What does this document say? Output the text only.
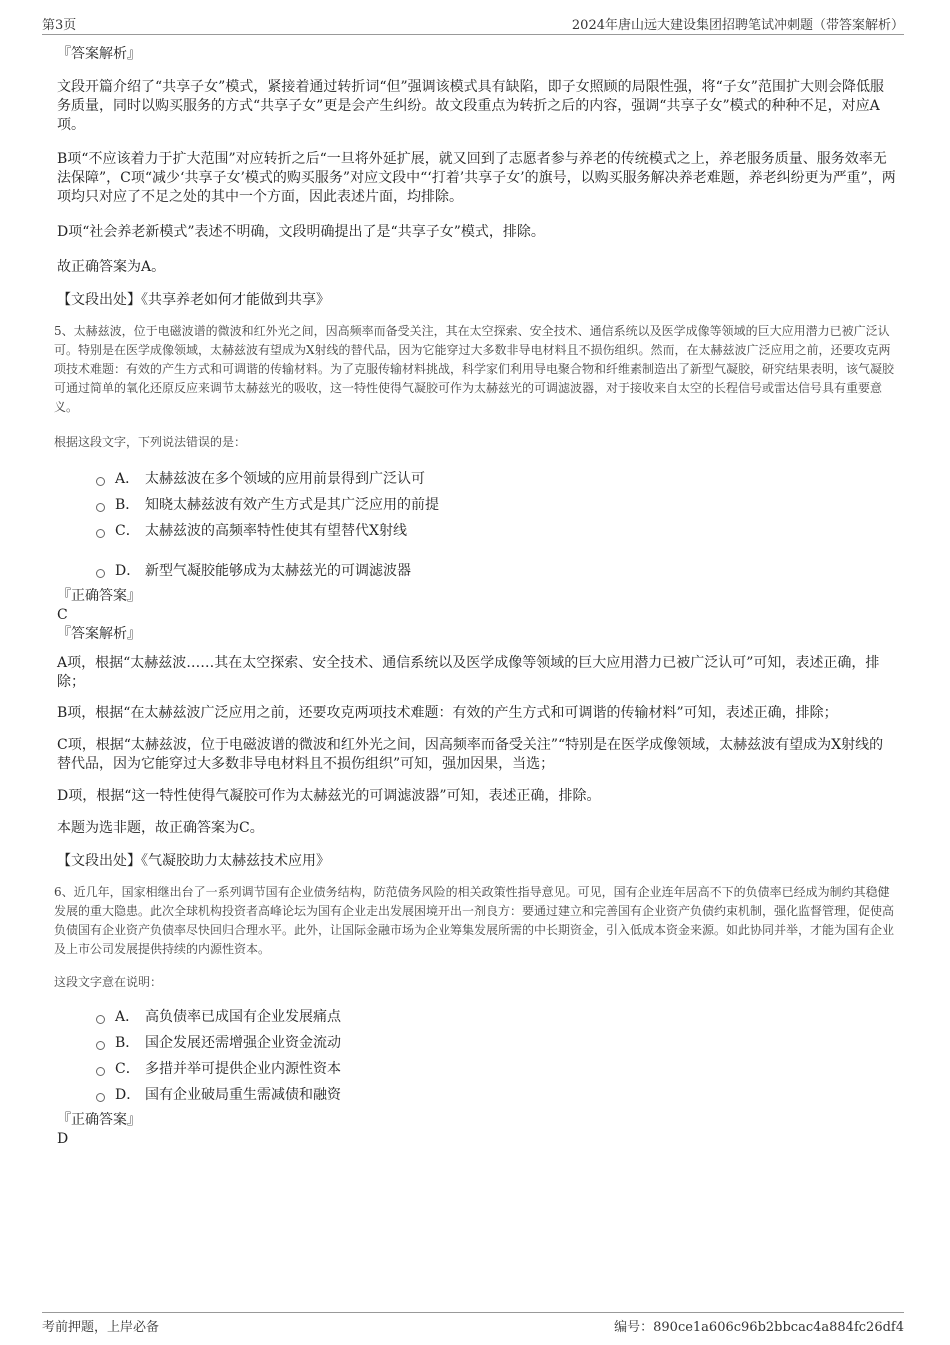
第3页	2024年唐山远大建设集团招聘笔试冲刺题（带答案解析）

『答案解析』

文段开篇介绍了“共享子女”模式，紧接着通过转折词“但”强调该模式具有缺陷，即子女照顾的局限性强，将“子女”范围扩大则会降低服务质量，同时以购买服务的方式“共享子女”更是会产生纠纷。故文段重点为转折之后的内容，强调“共享子女”模式的种种不足，对应A项。

B项“不应该着力于扩大范围”对应转折之后“一旦将外延扩展，就又回到了志愿者参与养老的传统模式之上，养老服务质量、服务效率无法保障”，C项“减少‘共享子女’模式的购买服务”对应文段中“‘打着’共享子女’的旗号，以购买服务解决养老难题，养老纠纷更为严重”，两项均只对应了不足之处的其中一个方面，因此表述片面，均排除。

D项“社会养老新模式”表述不明确，文段明确提出了是“共享子女”模式，排除。

故正确答案为A。

【文段出处】《共享养老如何才能做到共享》

5、太赫兹波，位于电磁波谱的微波和红外光之间，因高频率而备受关注，其在太空探索、安全技术、通信系统以及医学成像等领域的巨大应用潜力已被广泛认可。特别是在医学成像领域，太赫兹波有望成为X射线的替代品，因为它能穿过大多数非导电材料且不损伤组织。然而，在太赫兹波广泛应用之前，还要攻克两项技术难题：有效的产生方式和可调谐的传输材料。为了克服传输材料挑战，科学家们利用导电聚合物和纤维素制造出了新型气凝胶，研究结果表明，该气凝胶可通过简单的氧化还原反应来调节太赫兹光的吸收，这一特性使得气凝胶可作为太赫兹光的可调滤波器，对于接收来自太空的长程信号或雷达信号具有重要意义。

根据这段文字，下列说法错误的是：

A． 太赫兹波在多个领域的应用前景得到广泛认可
B． 知晓太赫兹波有效产生方式是其广泛应用的前提
C． 太赫兹波的高频率特性使其有望替代X射线
D． 新型气凝胶能够成为太赫兹光的可调滤波器

『正确答案』

C

『答案解析』

A项，根据“太赫兹波……其在太空探索、安全技术、通信系统以及医学成像等领域的巨大应用潜力已被广泛认可”可知，表述正确，排除；

B项，根据“在太赫兹波广泛应用之前，还要攻克两项技术难题：有效的产生方式和可调谐的传输材料”可知，表述正确，排除；

C项，根据“太赫兹波，位于电磁波谱的微波和红外光之间，因高频率而备受关注”“特别是在医学成像领域，太赫兹波有望成为X射线的替代品，因为它能穿过大多数非导电材料且不损伤组织”可知，强加因果，当选；

D项，根据“这一特性使得气凝胶可作为太赫兹光的可调滤波器”可知，表述正确，排除。

本题为选非题，故正确答案为C。

【文段出处】《气凝胶助力太赫兹技术应用》

6、近几年，国家相继出台了一系列调节国有企业债务结构，防范债务风险的相关政策性指导意见。可见，国有企业连年居高不下的负债率已经成为制约其稳健发展的重大隐患。此次全球机构投资者高峰论坛为国有企业走出发展困境开出一剂良方：要通过建立和完善国有企业资产负债约束机制，强化监督管理，促使高负债国有企业资产负债率尽快回归合理水平。此外，让国际金融市场为企业筹集发展所需的中长期资金，引入低成本资金来源。如此协同并举，才能为国有企业及上市公司发展提供持续的内源性资本。

这段文字意在说明：

A． 高负债率已成国有企业发展痛点
B． 国企发展还需增强企业资金流动
C． 多措并举可提供企业内源性资本
D． 国有企业破局重生需减债和融资

『正确答案』

D

考前押题，上岸必备	编号：890ce1a606c96b2bbcac4a884fc26df4
